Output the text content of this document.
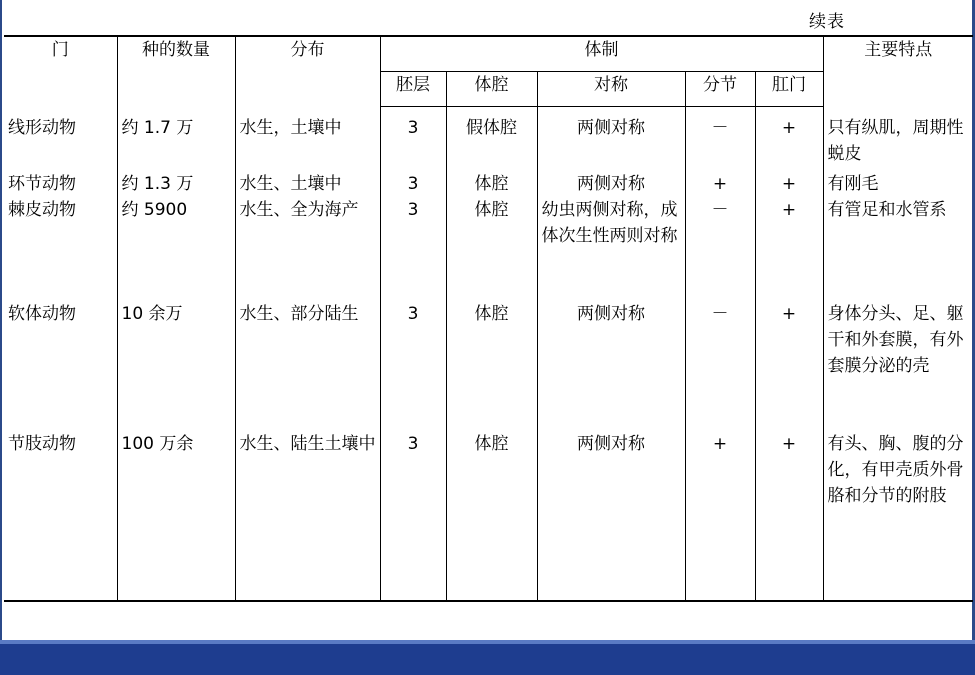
续表
门	种的数量	分布	体制					主要特点
			胚层	体腔	对称	分节	肛门	
线形动物	约 1.7 万	水生，土壤中	3	假体腔	两侧对称	－	+	只有纵肌，周期性蜕皮
环节动物	约 1.3 万	水生、土壤中	3	体腔	两侧对称	+	+	有刚毛
棘皮动物	约 5900	水生、全为海产	3	体腔	幼虫两侧对称，成体次生性两则对称	－	+	有管足和水管系
软体动物	10 余万	水生、部分陆生	3	体腔	两侧对称	－	+	身体分头、足、躯干和外套膜，有外套膜分泌的壳
节肢动物	100 万余	水生、陆生土壤中	3	体腔	两侧对称	+	+	有头、胸、腹的分化，有甲壳质外骨胳和分节的附肢
